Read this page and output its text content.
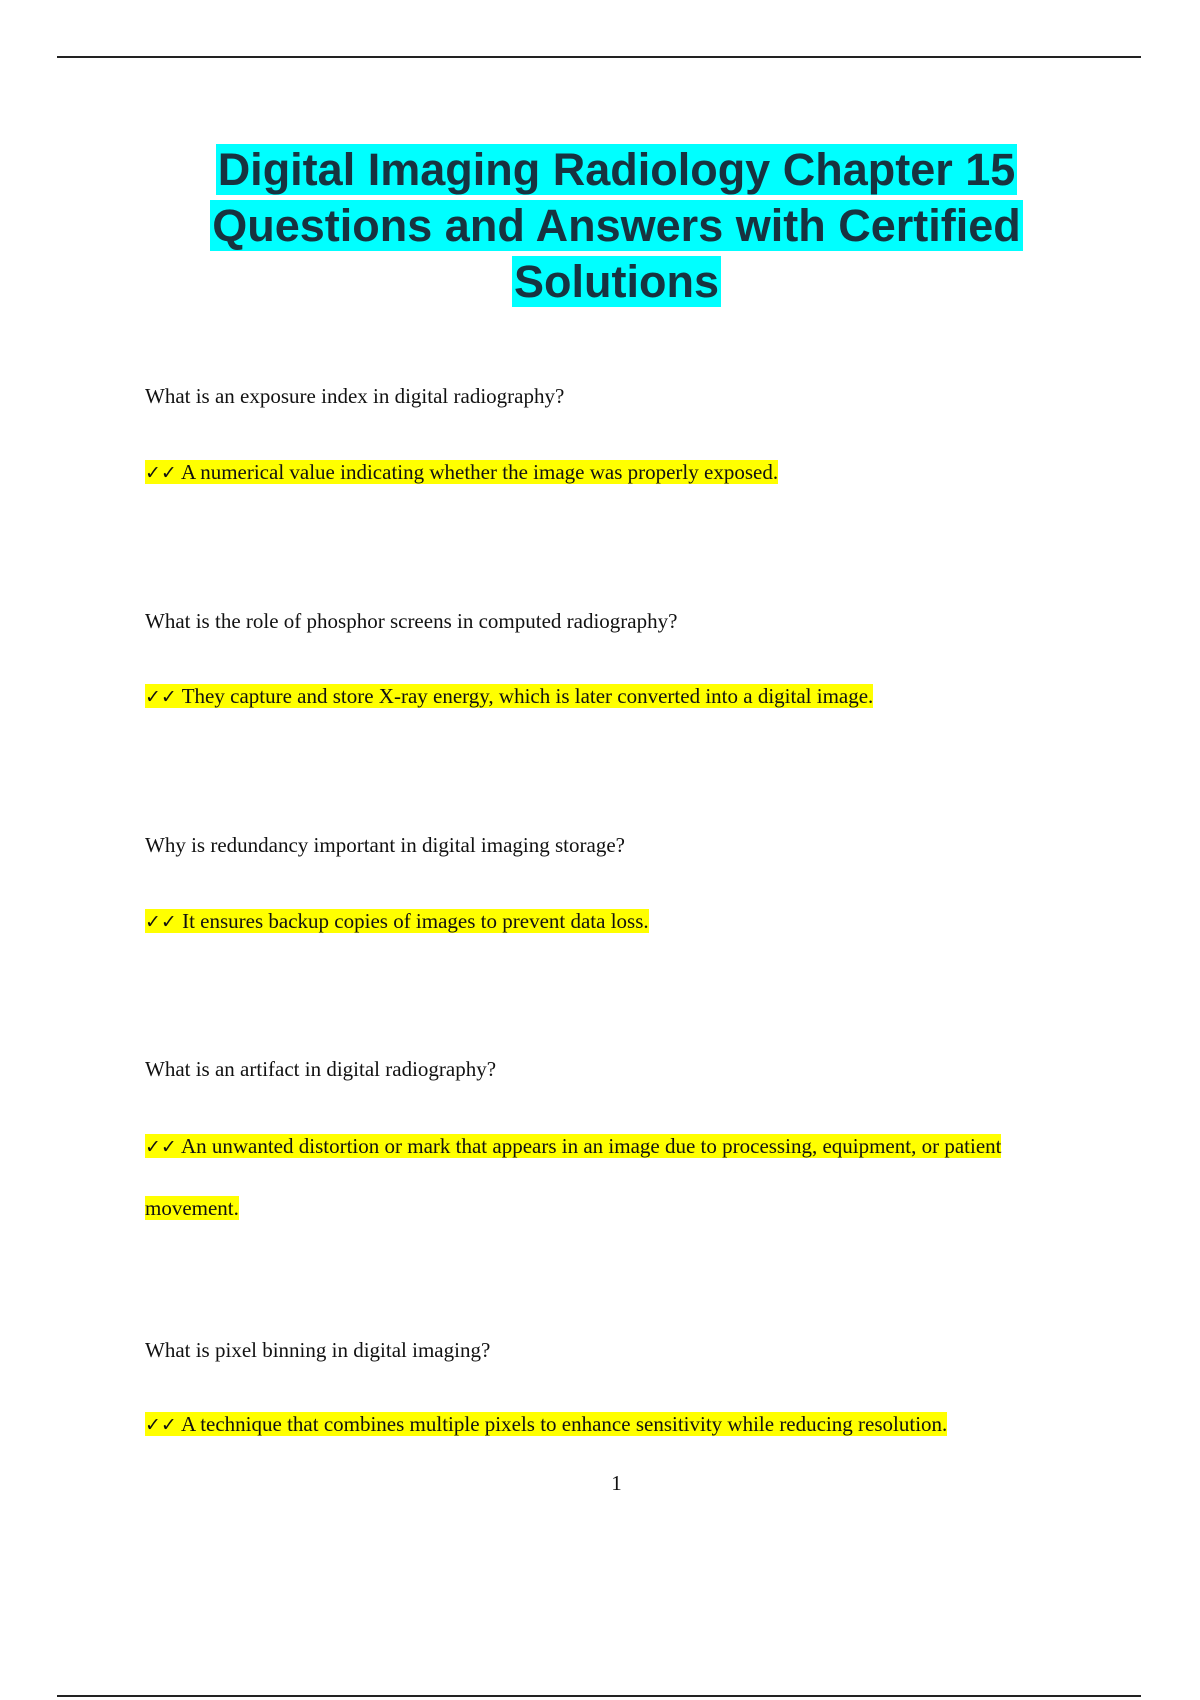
Digital Imaging Radiology Chapter 15 Questions and Answers with Certified Solutions
What is an exposure index in digital radiography?
✓✓ A numerical value indicating whether the image was properly exposed.
What is the role of phosphor screens in computed radiography?
✓✓ They capture and store X-ray energy, which is later converted into a digital image.
Why is redundancy important in digital imaging storage?
✓✓ It ensures backup copies of images to prevent data loss.
What is an artifact in digital radiography?
✓✓ An unwanted distortion or mark that appears in an image due to processing, equipment, or patient movement.
What is pixel binning in digital imaging?
✓✓ A technique that combines multiple pixels to enhance sensitivity while reducing resolution.
1
